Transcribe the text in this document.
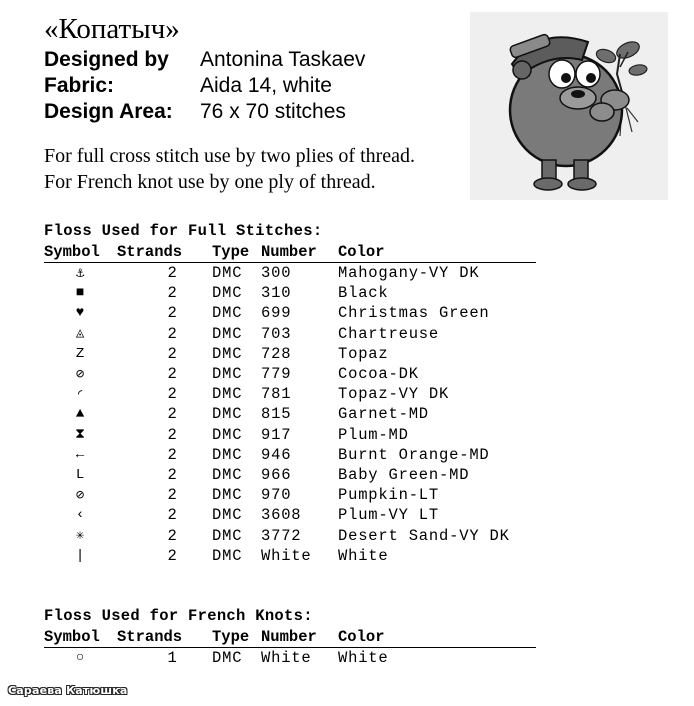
«Копатыч»
Designed by	Antonina Taskaev
Fabric:	Aida 14, white
Design Area:	76 x 70 stitches
For full cross stitch use by two plies of thread.
For French knot use by one ply of thread.
Floss Used for Full Stitches:
Symbol	Strands	Type	Number	Color
⚓	2	DMC	300	Mahogany-VY DK
■	2	DMC	310	Black
♥	2	DMC	699	Christmas Green
◬	2	DMC	703	Chartreuse
Z	2	DMC	728	Topaz
⊘	2	DMC	779	Cocoa-DK
◜	2	DMC	781	Topaz-VY DK
▲	2	DMC	815	Garnet-MD
⧗	2	DMC	917	Plum-MD
←	2	DMC	946	Burnt Orange-MD
L	2	DMC	966	Baby Green-MD
⊘	2	DMC	970	Pumpkin-LT
‹	2	DMC	3608	Plum-VY LT
✳	2	DMC	3772	Desert Sand-VY DK
|	2	DMC	White	White
Floss Used for French Knots:
Symbol	Strands	Type	Number	Color
○	1	DMC	White	White
Сараева Катюшка
